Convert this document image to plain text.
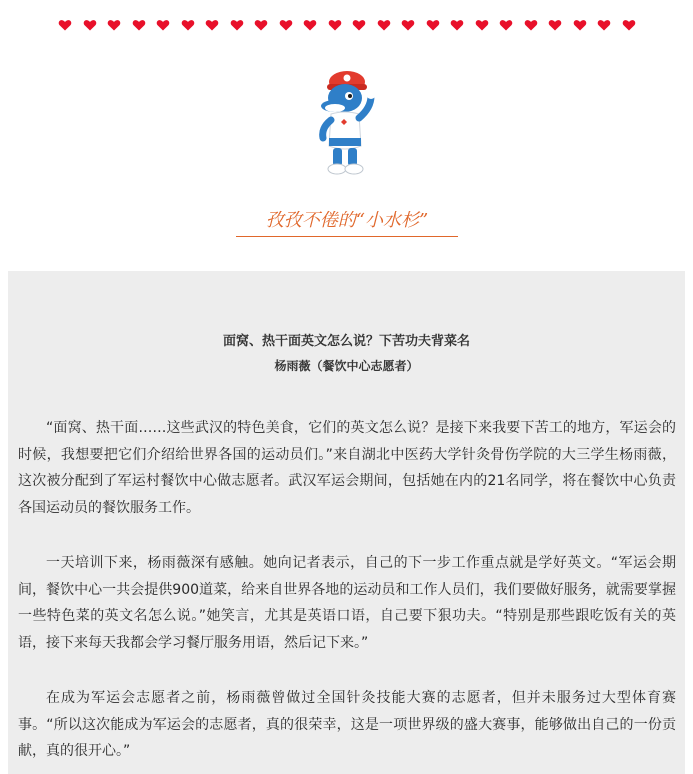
孜孜不倦的“小水杉”
面窝、热干面英文怎么说？下苦功夫背菜名
杨雨薇（餐饮中心志愿者）
“面窝、热干面……这些武汉的特色美食，它们的英文怎么说？是接下来我要下苦工的地方，军运会的时候，我想要把它们介绍给世界各国的运动员们。”来自湖北中医药大学针灸骨伤学院的大三学生杨雨薇，这次被分配到了军运村餐饮中心做志愿者。武汉军运会期间，包括她在内的21名同学，将在餐饮中心负责各国运动员的餐饮服务工作。
一天培训下来，杨雨薇深有感触。她向记者表示，自己的下一步工作重点就是学好英文。“军运会期间，餐饮中心一共会提供900道菜，给来自世界各地的运动员和工作人员们，我们要做好服务，就需要掌握一些特色菜的英文名怎么说。”她笑言，尤其是英语口语，自己要下狠功夫。“特别是那些跟吃饭有关的英语，接下来每天我都会学习餐厅服务用语，然后记下来。”
在成为军运会志愿者之前，杨雨薇曾做过全国针灸技能大赛的志愿者，但并未服务过大型体育赛事。“所以这次能成为军运会的志愿者，真的很荣幸，这是一项世界级的盛大赛事，能够做出自己的一份贡献，真的很开心。”
